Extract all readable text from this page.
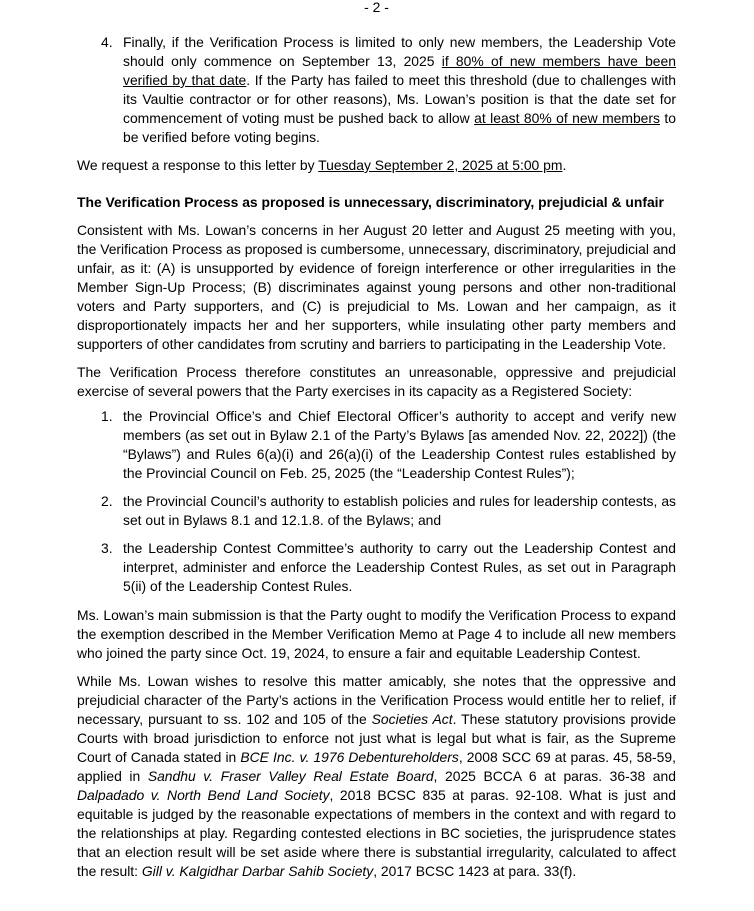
- 2 -
4. Finally, if the Verification Process is limited to only new members, the Leadership Vote should only commence on September 13, 2025 if 80% of new members have been verified by that date. If the Party has failed to meet this threshold (due to challenges with its Vaultie contractor or for other reasons), Ms. Lowan’s position is that the date set for commencement of voting must be pushed back to allow at least 80% of new members to be verified before voting begins.

We request a response to this letter by Tuesday September 2, 2025 at 5:00 pm.

The Verification Process as proposed is unnecessary, discriminatory, prejudicial & unfair

Consistent with Ms. Lowan’s concerns in her August 20 letter and August 25 meeting with you, the Verification Process as proposed is cumbersome, unnecessary, discriminatory, prejudicial and unfair, as it: (A) is unsupported by evidence of foreign interference or other irregularities in the Member Sign-Up Process; (B) discriminates against young persons and other non-traditional voters and Party supporters, and (C) is prejudicial to Ms. Lowan and her campaign, as it disproportionately impacts her and her supporters, while insulating other party members and supporters of other candidates from scrutiny and barriers to participating in the Leadership Vote.

The Verification Process therefore constitutes an unreasonable, oppressive and prejudicial exercise of several powers that the Party exercises in its capacity as a Registered Society:

1. the Provincial Office’s and Chief Electoral Officer’s authority to accept and verify new members (as set out in Bylaw 2.1 of the Party’s Bylaws [as amended Nov. 22, 2022]) (the “Bylaws”) and Rules 6(a)(i) and 26(a)(i) of the Leadership Contest rules established by the Provincial Council on Feb. 25, 2025 (the “Leadership Contest Rules”);
2. the Provincial Council’s authority to establish policies and rules for leadership contests, as set out in Bylaws 8.1 and 12.1.8. of the Bylaws; and
3. the Leadership Contest Committee’s authority to carry out the Leadership Contest and interpret, administer and enforce the Leadership Contest Rules, as set out in Paragraph 5(ii) of the Leadership Contest Rules.

Ms. Lowan’s main submission is that the Party ought to modify the Verification Process to expand the exemption described in the Member Verification Memo at Page 4 to include all new members who joined the party since Oct. 19, 2024, to ensure a fair and equitable Leadership Contest.

While Ms. Lowan wishes to resolve this matter amicably, she notes that the oppressive and prejudicial character of the Party’s actions in the Verification Process would entitle her to relief, if necessary, pursuant to ss. 102 and 105 of the Societies Act. These statutory provisions provide Courts with broad jurisdiction to enforce not just what is legal but what is fair, as the Supreme Court of Canada stated in BCE Inc. v. 1976 Debentureholders, 2008 SCC 69 at paras. 45, 58-59, applied in Sandhu v. Fraser Valley Real Estate Board, 2025 BCCA 6 at paras. 36-38 and Dalpadado v. North Bend Land Society, 2018 BCSC 835 at paras. 92-108. What is just and equitable is judged by the reasonable expectations of members in the context and with regard to the relationships at play. Regarding contested elections in BC societies, the jurisprudence states that an election result will be set aside where there is substantial irregularity, calculated to affect the result: Gill v. Kalgidhar Darbar Sahib Society, 2017 BCSC 1423 at para. 33(f).
